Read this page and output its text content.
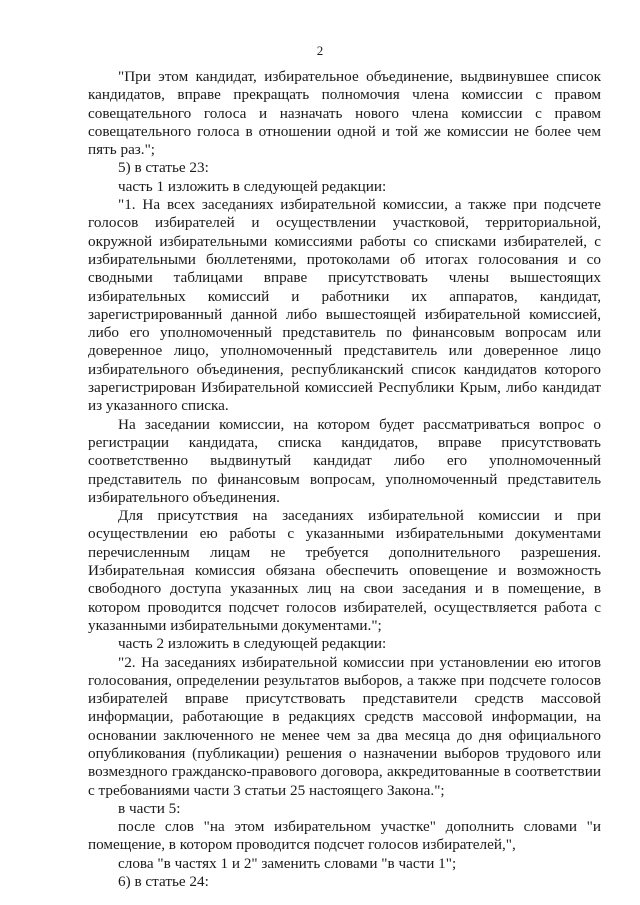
2

"При этом кандидат, избирательное объединение, выдвинувшее список кандидатов, вправе прекращать полномочия члена комиссии с правом совещательного голоса и назначать нового члена комиссии с правом совещательного голоса в отношении одной и той же комиссии не более чем пять раз.";

5) в статье 23:

часть 1 изложить в следующей редакции:

"1. На всех заседаниях избирательной комиссии, а также при подсчете голосов избирателей и осуществлении участковой, территориальной, окружной избирательными комиссиями работы со списками избирателей, с избирательными бюллетенями, протоколами об итогах голосования и со сводными таблицами вправе присутствовать члены вышестоящих избирательных комиссий и работники их аппаратов, кандидат, зарегистрированный данной либо вышестоящей избирательной комиссией, либо его уполномоченный представитель по финансовым вопросам или доверенное лицо, уполномоченный представитель или доверенное лицо избирательного объединения, республиканский список кандидатов которого зарегистрирован Избирательной комиссией Республики Крым, либо кандидат из указанного списка.

На заседании комиссии, на котором будет рассматриваться вопрос о регистрации кандидата, списка кандидатов, вправе присутствовать соответственно выдвинутый кандидат либо его уполномоченный представитель по финансовым вопросам, уполномоченный представитель избирательного объединения.

Для присутствия на заседаниях избирательной комиссии и при осуществлении ею работы с указанными избирательными документами перечисленным лицам не требуется дополнительного разрешения. Избирательная комиссия обязана обеспечить оповещение и возможность свободного доступа указанных лиц на свои заседания и в помещение, в котором проводится подсчет голосов избирателей, осуществляется работа с указанными избирательными документами.";

часть 2 изложить в следующей редакции:

"2. На заседаниях избирательной комиссии при установлении ею итогов голосования, определении результатов выборов, а также при подсчете голосов избирателей вправе присутствовать представители средств массовой информации, работающие в редакциях средств массовой информации, на основании заключенного не менее чем за два месяца до дня официального опубликования (публикации) решения о назначении выборов трудового или возмездного гражданско-правового договора, аккредитованные в соответствии с требованиями части 3 статьи 25 настоящего Закона.";

в части 5:

после слов "на этом избирательном участке" дополнить словами "и помещение, в котором проводится подсчет голосов избирателей,",

слова "в частях 1 и 2" заменить словами "в части 1";

6) в статье 24:
